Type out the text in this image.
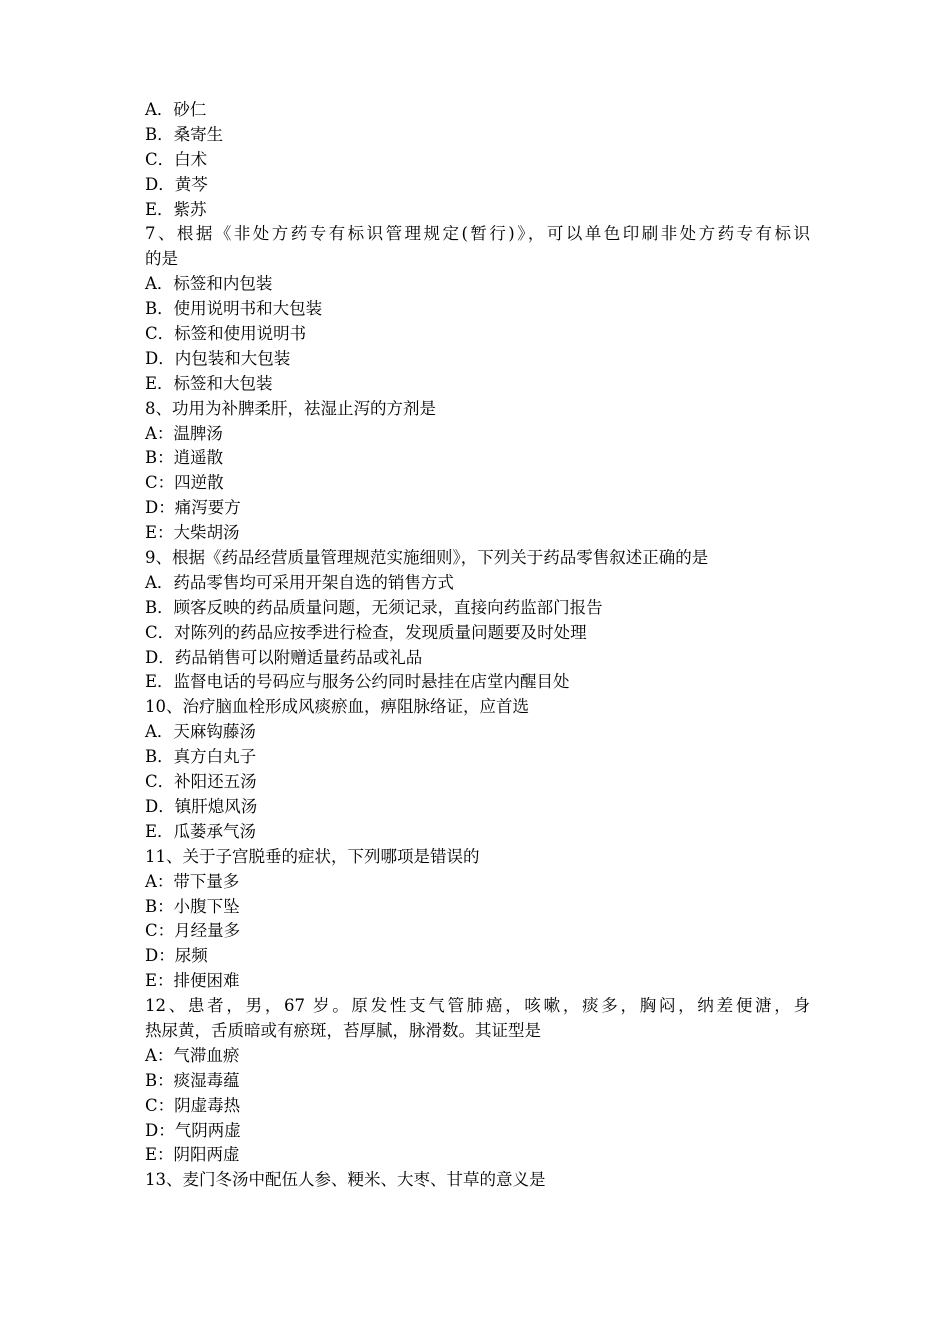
A．砂仁
B．桑寄生
C．白术
D．黄芩
E．紫苏
7、根据《非处方药专有标识管理规定(暂行)》，可以单色印刷非处方药专有标识
的是
A．标签和内包装
B．使用说明书和大包装
C．标签和使用说明书
D．内包装和大包装
E．标签和大包装
8、功用为补脾柔肝，祛湿止泻的方剂是
A：温脾汤
B：逍遥散
C：四逆散
D：痛泻要方
E：大柴胡汤
9、根据《药品经营质量管理规范实施细则》，下列关于药品零售叙述正确的是
A．药品零售均可采用开架自选的销售方式
B．顾客反映的药品质量问题，无须记录，直接向药监部门报告
C．对陈列的药品应按季进行检查，发现质量问题要及时处理
D．药品销售可以附赠适量药品或礼品
E．监督电话的号码应与服务公约同时悬挂在店堂内醒目处
10、治疗脑血栓形成风痰瘀血，痹阻脉络证，应首选
A．天麻钩藤汤
B．真方白丸子
C．补阳还五汤
D．镇肝熄风汤
E．瓜蒌承气汤
11、关于子宫脱垂的症状，下列哪项是错误的
A：带下量多
B：小腹下坠
C：月经量多
D：尿频
E：排便困难
12、患者，男，67 岁。原发性支气管肺癌，咳嗽，痰多，胸闷，纳差便溏，身
热尿黄，舌质暗或有瘀斑，苔厚腻，脉滑数。其证型是
A：气滞血瘀
B：痰湿毒蕴
C：阴虚毒热
D：气阴两虚
E：阴阳两虚
13、麦门冬汤中配伍人参、粳米、大枣、甘草的意义是
